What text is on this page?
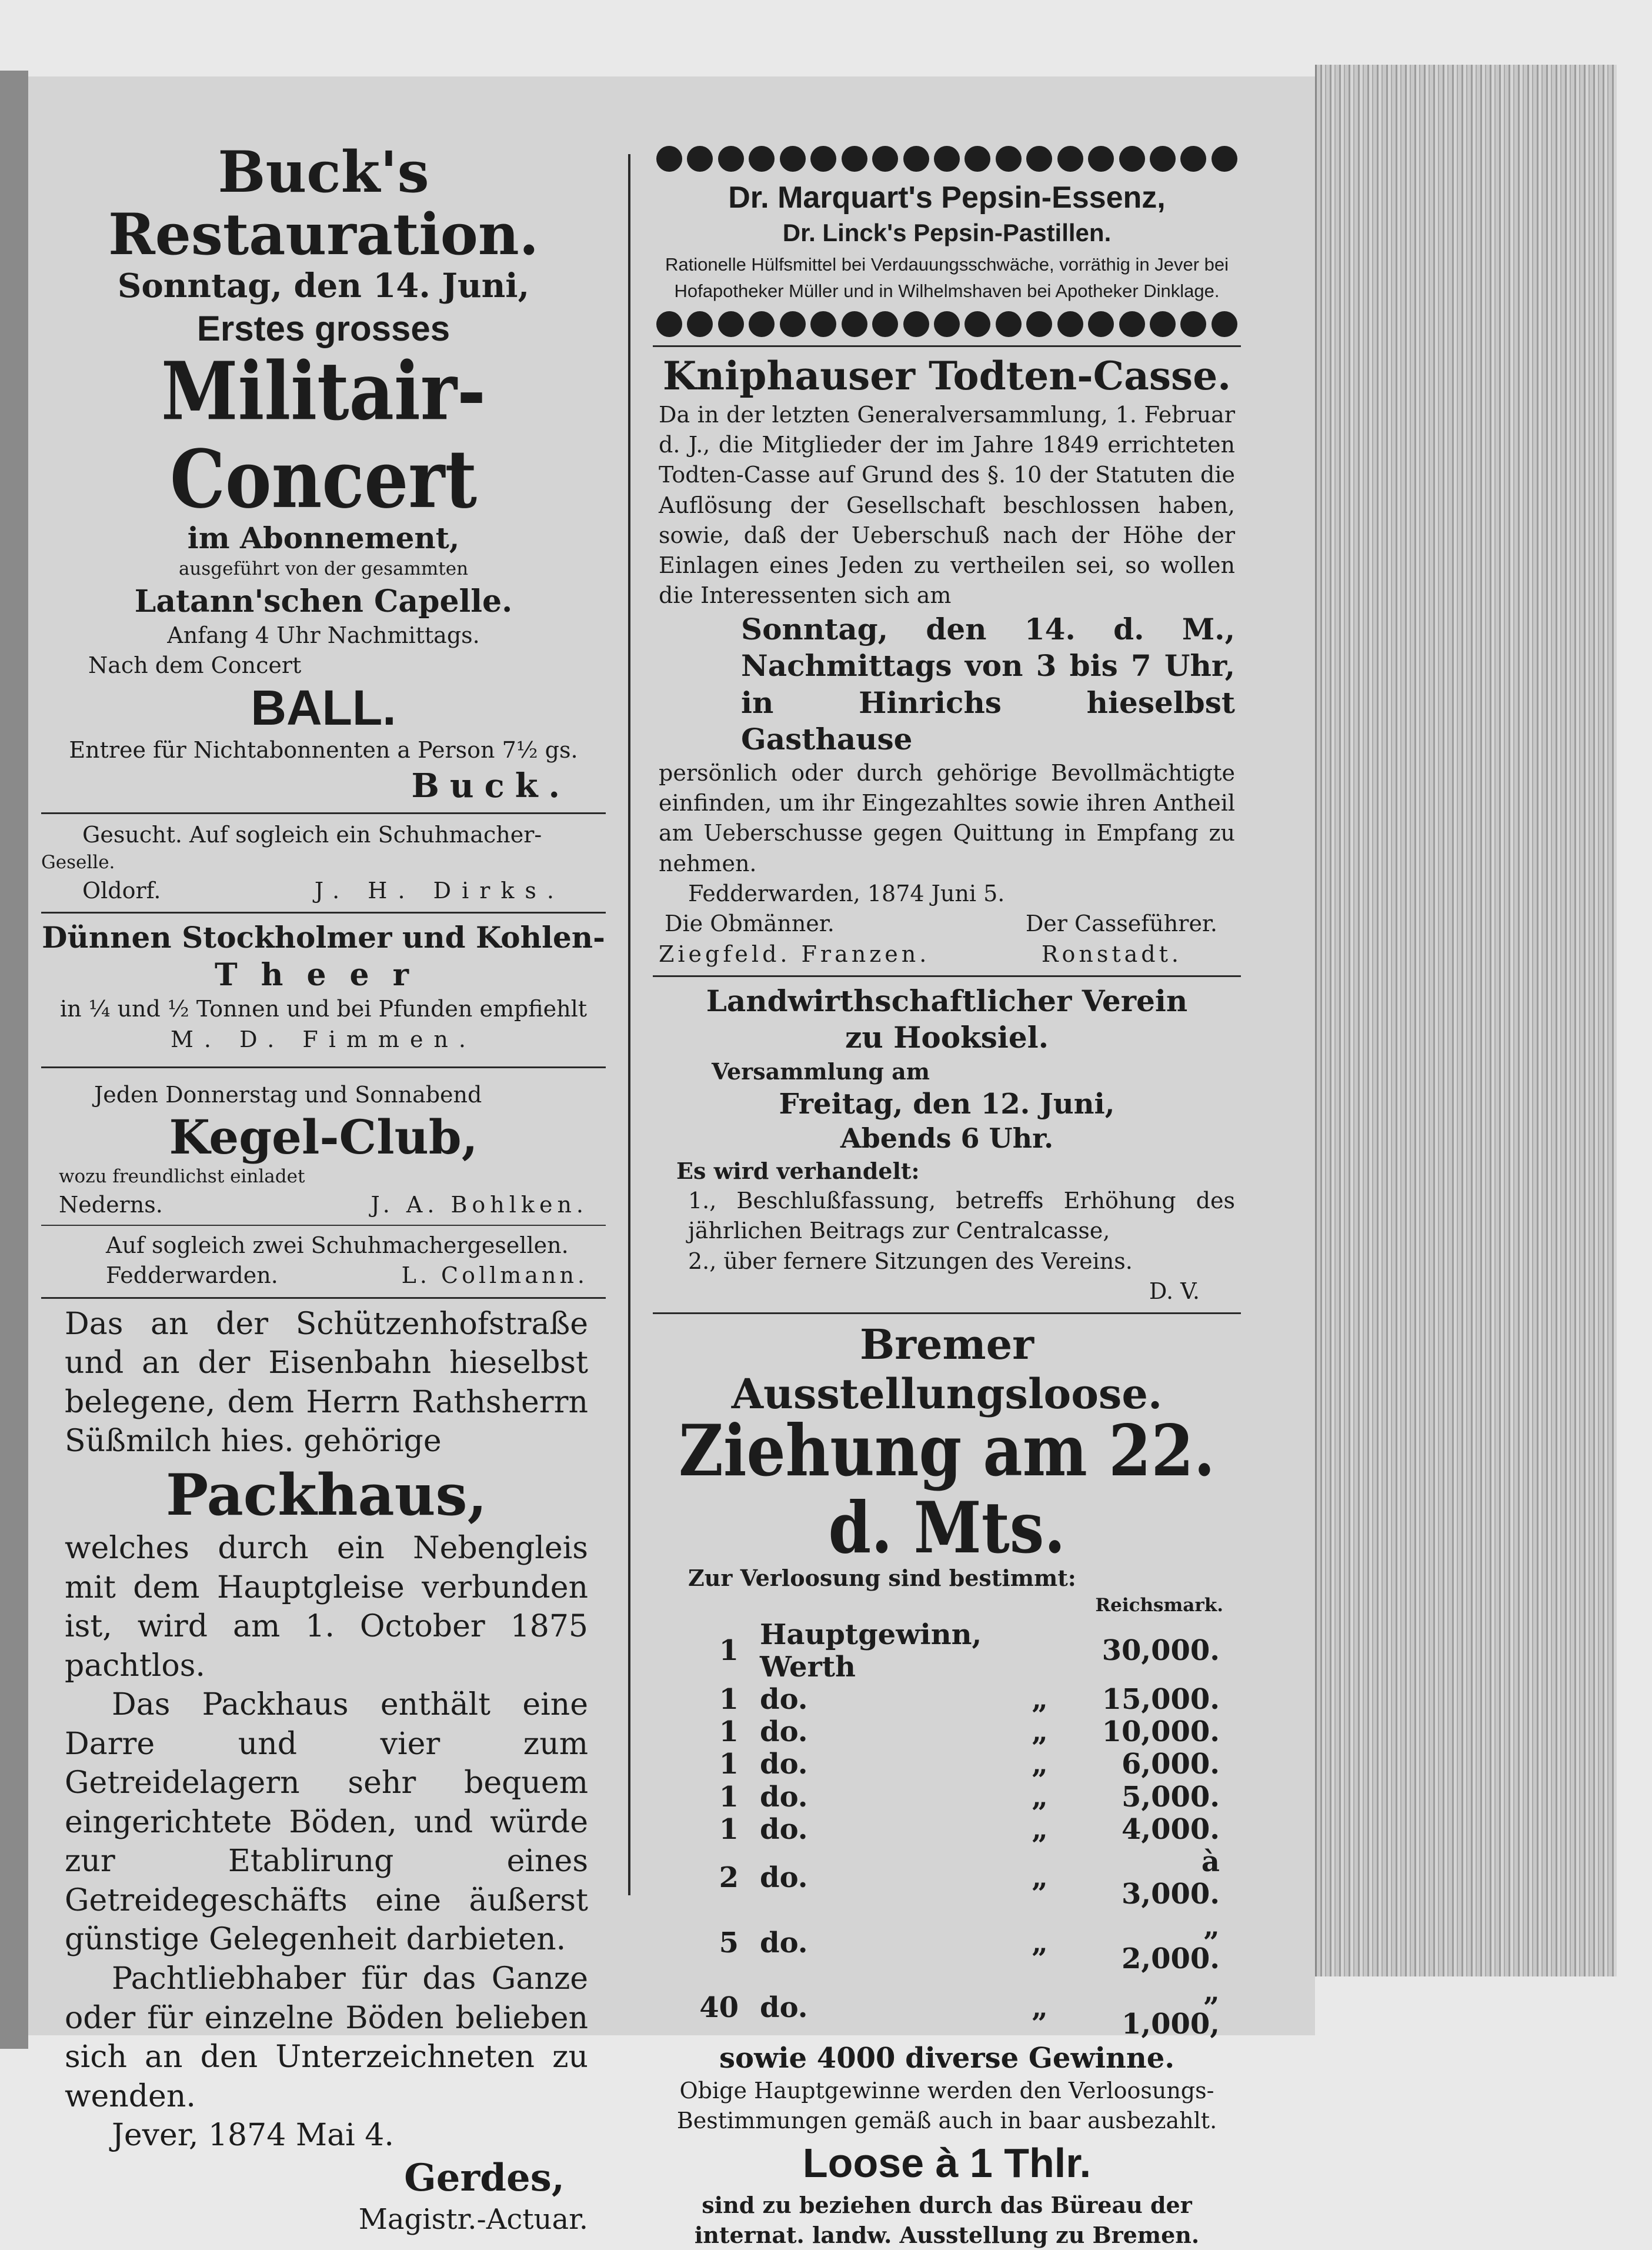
Buck's Restauration.
Sonntag, den 14. Juni,
Erstes grosses
Militair-Concert
im Abonnement,
ausgeführt von der gesammten
Latann'schen Capelle.
Anfang 4 Uhr Nachmittags.
Nach dem Concert
BALL.
Entree für Nichtabonnenten a Person 7½ gs.
Buck.
Gesucht. Auf sogleich ein Schuhmacher-
Geselle.
Oldorf.	J. H. Dirks.
Dünnen Stockholmer und Kohlen-
Theer
in ¼ und ½ Tonnen und bei Pfunden empfiehlt
M. D. Fimmen.
Jeden Donnerstag und Sonnabend
Kegel-Club,
wozu freundlichst einladet
Nederns.	J. A. Bohlken.
Auf sogleich zwei Schuhmachergesellen.
Fedderwarden.	L. Collmann.
Das an der Schützenhofstraße und an der Eisenbahn hieselbst belegene, dem Herrn Rathsherrn Süßmilch hies. gehörige
Packhaus,
welches durch ein Nebengleis mit dem Hauptgleise verbunden ist, wird am 1. October 1875 pachtlos.
Das Packhaus enthält eine Darre und vier zum Getreidelagern sehr bequem eingerichtete Böden, und würde zur Etablirung eines Getreidegeschäfts eine äußerst günstige Gelegenheit darbieten.
Pachtliebhaber für das Ganze oder für einzelne Böden belieben sich an den Unterzeichneten zu wenden.
Jever, 1874 Mai 4.
Gerdes,
Magistr.-Actuar.
Dr. Marquart's Pepsin-Essenz,
Dr. Linck's Pepsin-Pastillen.
Rationelle Hülfsmittel bei Verdauungsschwäche, vorräthig in Jever bei Hofapotheker Müller und in Wilhelmshaven bei Apotheker Dinklage.
Kniphauser Todten-Casse.
Da in der letzten Generalversammlung, 1. Februar d. J., die Mitglieder der im Jahre 1849 errichteten Todten-Casse auf Grund des §. 10 der Statuten die Auflösung der Gesellschaft beschlossen haben, sowie, daß der Ueberschuß nach der Höhe der Einlagen eines Jeden zu vertheilen sei, so wollen die Interessenten sich am
Sonntag, den 14. d. M., Nachmittags von 3 bis 7 Uhr, in Hinrichs hieselbst Gasthause
persönlich oder durch gehörige Bevollmächtigte einfinden, um ihr Eingezahltes sowie ihren Antheil am Ueberschusse gegen Quittung in Empfang zu nehmen.
Fedderwarden, 1874 Juni 5.
Die Obmänner.	Der Casseführer.
Ziegfeld. Franzen.	Ronstadt.
Landwirthschaftlicher Verein
zu Hooksiel.
Versammlung am
Freitag, den 12. Juni,
Abends 6 Uhr.
Es wird verhandelt:
1., Beschlußfassung, betreffs Erhöhung des jährlichen Beitrags zur Centralcasse,
2., über fernere Sitzungen des Vereins.
D. V.
Bremer Ausstellungsloose.
Ziehung am 22. d. Mts.
Zur Verloosung sind bestimmt:
Reichsmark.
1	Hauptgewinn, Werth		30,000.
1	do.	„	15,000.
1	do.	„	10,000.
1	do.	„	6,000.
1	do.	„	5,000.
1	do.	„	4,000.
2	do.	„	à 3,000.
5	do.	„	„ 2,000.
40	do.	„	„ 1,000,
sowie 4000 diverse Gewinne.
Obige Hauptgewinne werden den Verloosungs-Bestimmungen gemäß auch in baar ausbezahlt.
Loose à 1 Thlr.
sind zu beziehen durch das Büreau der internat. landw. Ausstellung zu Bremen.
